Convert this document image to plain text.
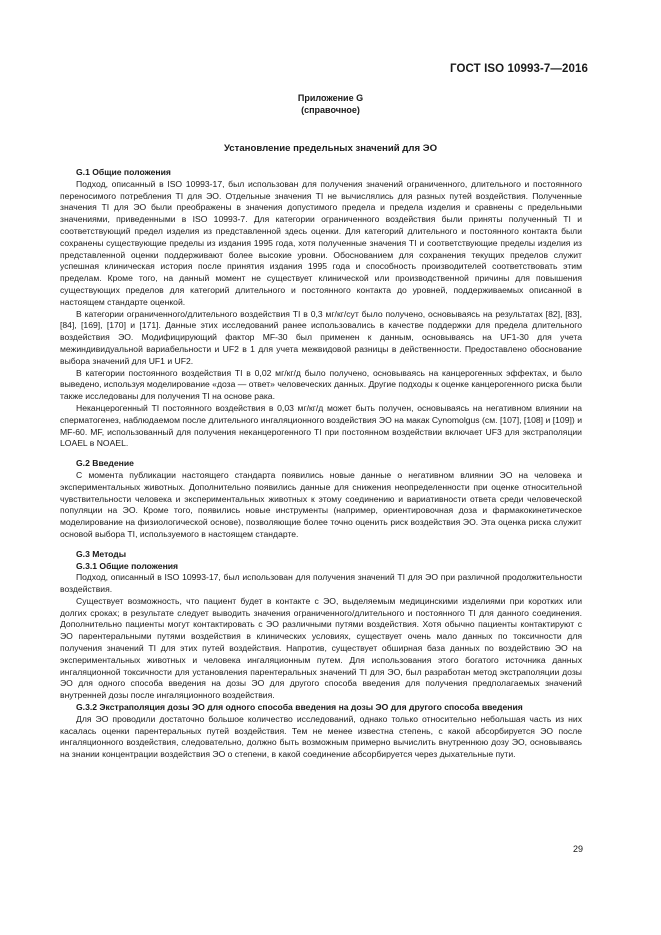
ГОСТ ISO 10993-7—2016
Приложение G
(справочное)
Установление предельных значений для ЭО

G.1 Общие положения

Подход, описанный в ISO 10993-17, был использован для получения значений ограниченного, длительного и постоянного перенoсимого потребления TI для ЭО. Отдельные значения TI не вычислялись для разных путей воздействия. Полученные значения TI для ЭО были преображены в значения допустимого предела и предела изделия и сравнены с предельными значениями, приведенными в ISO 10993-7. Для категории ограниченного воздействия были приняты полученный TI и соответствующий предел изделия из представленной здесь оценки. Для категорий длительного и постоянного контакта были сохранены существующие пределы из издания 1995 года, хотя полученные значения TI и соответствующие пределы изделия из представленной оценки поддерживают более высокие уровни. Обоснованием для сохранения текущих пределов служит успешная клиническая история после принятия издания 1995 года и способность производителей соответствовать этим пределам. Кроме того, на данный момент не существует клинической или производственной причины для повышения существующих пределов для категорий длительного и постоянного контакта до уровней, поддерживаемых описанной в настоящем стандарте оценкой.

В категории ограниченного/длительного воздействия TI в 0,3 мг/кг/сут было получено, основываясь на результатах [82], [83], [84], [169], [170] и [171]. Данные этих исследований ранее использовались в качестве поддержки для предела длительного воздействия ЭО. Модифицирующий фактор MF-30 был применен к данным, основываясь на UF1-30 для учета межиндивидуальной вариабельности и UF2 в 1 для учета межвидовой разницы в действенности. Предоставлено обоснование выбора значений для UF1 и UF2.

В категории постоянного воздействия TI в 0,02 мг/кг/д было получено, основываясь на канцерогенных эффектах, и было выведено, используя моделирование «доза — ответ» человеческих данных. Другие подходы к оценке канцерогенного риска были также исследованы для получения TI на основе рака.

Неканцерогенный TI постоянного воздействия в 0,03 мг/кг/д может быть получен, основываясь на негативном влиянии на сперматогенез, наблюдаемом после длительного ингаляционного воздействия ЭО на макак Cynomolgus (см. [107], [108] и [109]) и MF-60. MF, использованный для получения неканцерогенного TI при постоянном воздействии включает UF3 для экстраполяции LOAEL в NOAEL.

G.2 Введение

С момента публикации настоящего стандарта появились новые данные о негативном влиянии ЭО на человека и экспериментальных животных. Дополнительно появились данные для снижения неопределенности при оценке относительной чувствительности человека и экспериментальных животных к этому соединению и вариативности ответа среди человеческой популяции на ЭО. Кроме того, появились новые инструменты (например, ориентировочная доза и фармакокинетическое моделирование на физиологической основе), позволяющие более точно оценить риск воздействия ЭО. Эта оценка риска служит основой выбора TI, используемого в настоящем стандарте.

G.3 Методы

G.3.1 Общие положения

Подход, описанный в ISO 10993-17, был использован для получения значений TI для ЭО при различной продолжительности воздействия.

Существует возможность, что пациент будет в контакте с ЭО, выделяемым медицинскими изделиями при коротких или долгих сроках; в результате следует выводить значения ограниченного/длительного и постоянного TI для данного соединения. Дополнительно пациенты могут контактировать с ЭО различными путями воздействия. Хотя обычно пациенты контактируют с ЭО парентеральными путями воздействия в клинических условиях, существует очень мало данных по токсичности для получения значений TI для этих путей воздействия. Напротив, существует обширная база данных по воздействию ЭО на экспериментальных животных и человека ингаляционным путем. Для использования этого богатого источника данных ингаляционной токсичности для установления парентеральных значений TI для ЭО, был разработан метод экстраполяции дозы ЭО для одного способа введения на дозы ЭО для другого способа введения для получения предполагаемых значений внутренней дозы после ингаляционного воздействия.

G.3.2 Экстраполяция дозы ЭО для одного способа введения на дозы ЭО для другого способа введения

Для ЭО проводили достаточно большое количество исследований, однако только относительно небольшая часть из них касалась оценки парентеральных путей воздействия. Тем не менее известна степень, с какой абсорбируется ЭО после ингаляционного воздействия, следовательно, должно быть возможным примерно вычислить внутреннюю дозу ЭО, основываясь на знании концентрации воздействия ЭО о степени, в какой соединение абсорбируется через дыхательные пути.

29
